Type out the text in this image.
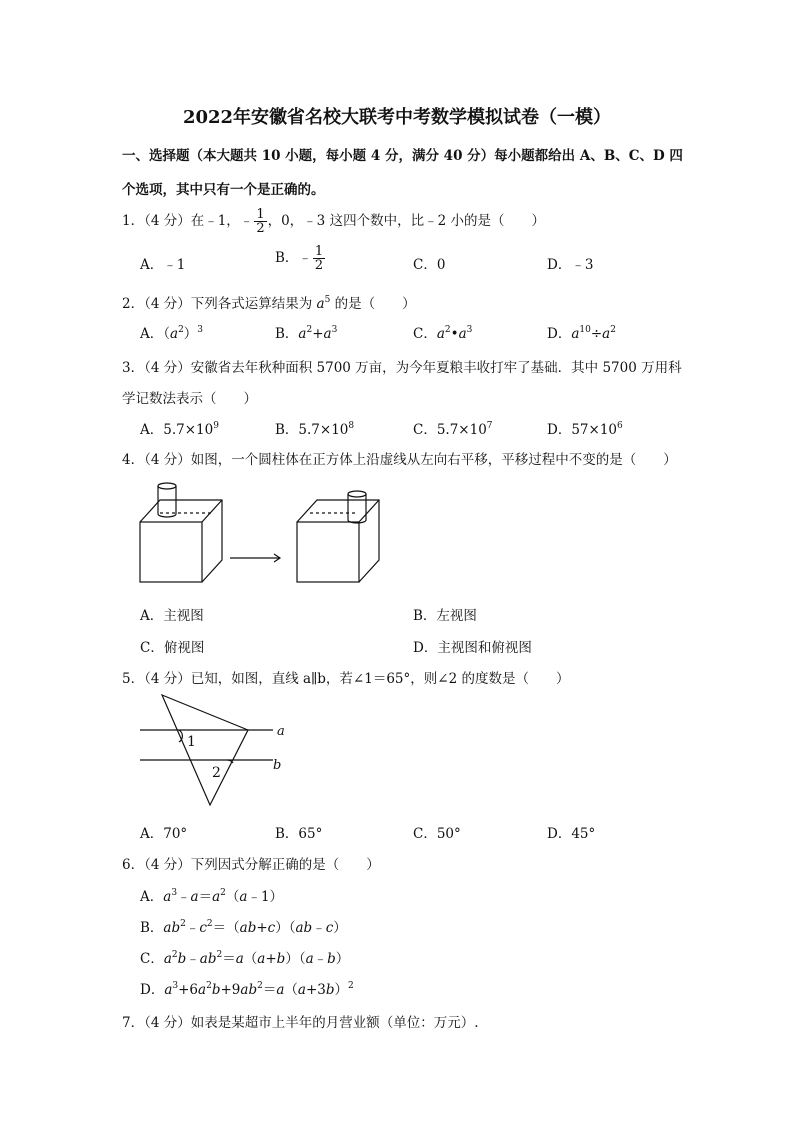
2022年安徽省名校大联考中考数学模拟试卷（一模）
一、选择题（本大题共 10 小题，每小题 4 分，满分 40 分）每小题都给出 A、B、C、D 四
个选项，其中只有一个是正确的。
1．（4 分）在﹣1，﹣ $\frac{1}{2}$ ，0，﹣3 这四个数中，比﹣2 小的是（　　）
A．﹣1	B．﹣ $\frac{1}{2}$	C．0	D．﹣3
2．（4 分）下列各式运算结果为 $a^5$ 的是（　　）
A．$(a^2)^3$	B．$a^2+a^3$	C．$a^2•a^3$	D．$a^{10}\div a^2$
3．（4 分）安徽省去年秋种面积 5700 万亩，为今年夏粮丰收打牢了基础．其中 5700 万用科
学记数法表示（　　）
A．$5.7\times 10^9$	B．$5.7\times 10^8$	C．$5.7\times 10^7$	D．$57\times 10^6$
4．（4 分）如图，一个圆柱体在正方体上沿虚线从左向右平移，平移过程中不变的是（　　）
A．主视图	B．左视图
C．俯视图	D．主视图和俯视图
5．（4 分）已知，如图，直线 a∥b，若∠1＝65°，则∠2 的度数是（　　）
1
2
a
b
A．70°	B．65°	C．50°	D．45°
6．（4 分）下列因式分解正确的是（　　）
A．$a^3﹣a=a^2(a﹣1)$
B．$ab^2﹣c^2=(ab+c)(ab﹣c)$
C．$a^2b﹣ab^2=a(a+b)(a﹣b)$
D．$a^3+6a^2b+9ab^2=a(a+3b)^2$
7．（4 分）如表是某超市上半年的月营业额（单位：万元）.
